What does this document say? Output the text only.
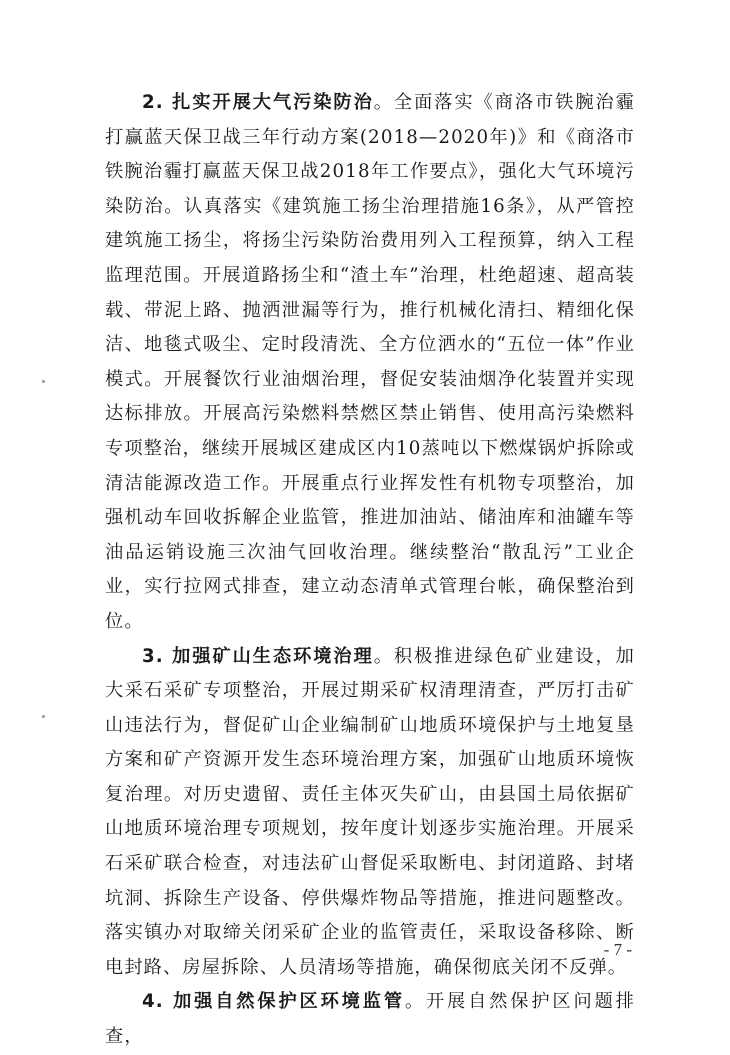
2. 扎实开展大气污染防治。全面落实《商洛市铁腕治霾打赢蓝天保卫战三年行动方案(2018—2020年)》和《商洛市铁腕治霾打赢蓝天保卫战2018年工作要点》，强化大气环境污染防治。认真落实《建筑施工扬尘治理措施16条》，从严管控建筑施工扬尘，将扬尘污染防治费用列入工程预算，纳入工程监理范围。开展道路扬尘和“渣土车”治理，杜绝超速、超高装载、带泥上路、抛洒泄漏等行为，推行机械化清扫、精细化保洁、地毯式吸尘、定时段清洗、全方位洒水的“五位一体”作业模式。开展餐饮行业油烟治理，督促安装油烟净化装置并实现达标排放。开展高污染燃料禁燃区禁止销售、使用高污染燃料专项整治，继续开展城区建成区内10蒸吨以下燃煤锅炉拆除或清洁能源改造工作。开展重点行业挥发性有机物专项整治，加强机动车回收拆解企业监管，推进加油站、储油库和油罐车等油品运销设施三次油气回收治理。继续整治“散乱污”工业企业，实行拉网式排查，建立动态清单式管理台帐，确保整治到位。

3. 加强矿山生态环境治理。积极推进绿色矿业建设，加大采石采矿专项整治，开展过期采矿权清理清查，严厉打击矿山违法行为，督促矿山企业编制矿山地质环境保护与土地复垦方案和矿产资源开发生态环境治理方案，加强矿山地质环境恢复治理。对历史遗留、责任主体灭失矿山，由县国土局依据矿山地质环境治理专项规划，按年度计划逐步实施治理。开展采石采矿联合检查，对违法矿山督促采取断电、封闭道路、封堵坑洞、拆除生产设备、停供爆炸物品等措施，推进问题整改。落实镇办对取缔关闭采矿企业的监管责任，采取设备移除、断电封路、房屋拆除、人员清场等措施，确保彻底关闭不反弹。

4. 加强自然保护区环境监管。开展自然保护区问题排查，

- 7 -
